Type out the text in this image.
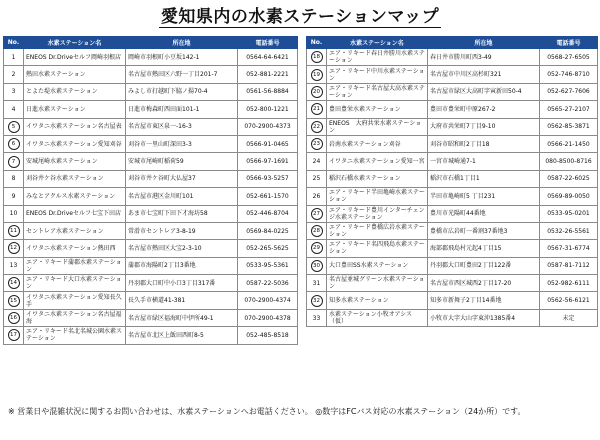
愛知県内の水素ステーションマップ
No.	水素ステーション名	所在地	電話番号
1	ENEOS Dr.Driveセルフ岡崎羽根店	岡崎市羽根町小豆坂142-1	0564-64-6421
2	熱田水素ステーション	名古屋市熱田区六野一丁目201-7	052-881-2221
3	とよた堤水素ステーション	みよし市打越町下脇ノ揚70-4	0561-56-8884
4	日進水素ステーション	日進市梅森町西田面101-1	052-800-1221
5	イワタニ水素ステーション名古屋表	名古屋市東区泉一-16-3	070-2900-4373
6	イワタニ水素ステーション愛知刈谷	刈谷市一里山町深田3-3	0566-91-0465
7	安城尾崎水素ステーション	安城市尾崎町稲荷59	0566-97-1691
8	刈谷井ケ谷水素ステーション	刈谷市井ケ谷町大仏屋37	0566-93-5257
9	みなとアクルス水素ステーション	名古屋市港区金川町101	052-661-1570
10	ENEOS Dr.Driveセルフ七宝下田店	あま市七宝町下田下才海坊58	052-446-8704
11	セントレア水素ステーション	常滑市セントレア3-8-19	0569-84-0225
12	イワタニ水素ステーション熱田西	名古屋市熱田区大宝2-3-10	052-265-5625
13	エア・リキード蒲郡水素ステーション	蒲郡市海陽町2丁目3番地	0533-95-5361
14	エア・リキード大口水素ステーション	丹羽郡大口町中小口3丁目317番	0587-22-5036
15	イワタニ水素ステーション愛知長久手	長久手市横道41-381	070-2900-4374
16	イワタニ水素ステーション名古屋福海	名古屋市緑区福海町中伊所49-1	070-2900-4378
17	エア・リキード名北名城公園水素ステーション	名古屋市北区上飯田西町8-5	052-485-8518
No.	水素ステーション名	所在地	電話番号
18	エア・リキード春日井勝川水素ステーション	春日井市勝川町西3-49	0568-27-6505
19	エア・リキード中川水素ステーション	名古屋市中川区高杉町321	052-746-8710
20	エア・リキード名古屋大高水素ステーション	名古屋市緑区大高町字寅新田50-4	052-627-7606
21	豊田豊栄水素ステーション	豊田市豊栄町中原267-2	0565-27-2107
22	ENEOS　大府共栄水素ステーション	大府市共栄町7丁目9-10	0562-85-3871
23	岩南水素ステーション刈谷	刈谷市昭和町2丁目18	0566-21-1450
24	イワタニ水素ステーション愛知一宮	一宮市城崎通7-1	080-8500-8716
25	稲沢石橋水素ステーション	稲沢市石橋1丁目1	0587-22-6025
26	エア・リキード半田亀崎水素ステーション	半田市亀崎町5 丁目231	0569-89-0050
27	エア・リキード豊川インターチェンジ水素ステーション	豊川市光陽町44番地	0533-95-0201
28	エア・リキード豊橋広岩水素ステーション	豊橋市広岩町一番割37番地3	0532-26-5561
29	エア・リキード名四飛島水素ステーション	海部郡飛島村元起4丁目15	0567-31-6774
30	大口豊田SS水素ステーション	丹羽郡大口町豊田2丁目122番	0587-81-7112
31	名古屋並城グリーン水素ステーション	名古屋市西区城西2丁目17-20	052-982-6111
32	知多水素ステーション	知多市新舞子2丁目14番地	0562-56-6121
33	水素ステーション小牧オアシス（仮）	小牧市大字大山字東沖1385番4	未定
※ 営業日や混雑状況に関するお問い合わせは、水素ステーションへお電話ください。 ◎数字はFCバス対応の水素ステーション（24か所）です。
